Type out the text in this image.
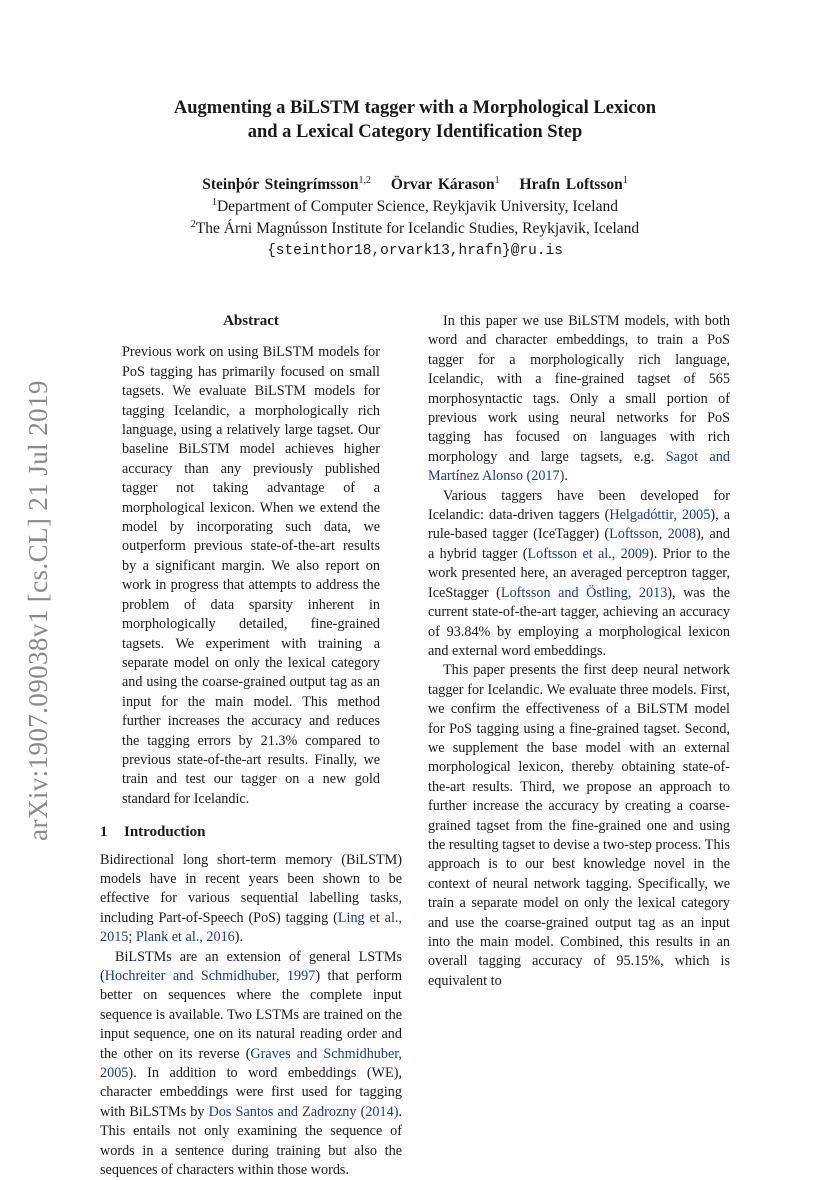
arXiv:1907.09038v1 [cs.CL] 21 Jul 2019
Augmenting a BiLSTM tagger with a Morphological Lexicon
and a Lexical Category Identification Step
Steinþór Steingrímsson$^{1,2}$ Örvar Kárason$^1$ Hrafn Loftsson$^1$
$^1$Department of Computer Science, Reykjavik University, Iceland
$^2$The Árni Magnússon Institute for Icelandic Studies, Reykjavik, Iceland
{steinthor18,orvark13,hrafn}@ru.is
Abstract
Previous work on using BiLSTM models for PoS tagging has primarily focused on small tagsets. We evaluate BiLSTM models for tagging Icelandic, a morphologically rich language, using a relatively large tagset. Our baseline BiLSTM model achieves higher accuracy than any previously published tagger not taking advantage of a morphological lexicon. When we extend the model by incorporating such data, we outperform previous state-of-the-art results by a significant margin. We also report on work in progress that attempts to address the problem of data sparsity inherent in morphologically detailed, fine-grained tagsets. We experiment with training a separate model on only the lexical category and using the coarse-grained output tag as an input for the main model. This method further increases the accuracy and reduces the tagging errors by 21.3% compared to previous state-of-the-art results. Finally, we train and test our tagger on a new gold standard for Icelandic.
1 Introduction

Bidirectional long short-term memory (BiLSTM) models have in recent years been shown to be effective for various sequential labelling tasks, including Part-of-Speech (PoS) tagging (Ling et al., 2015; Plank et al., 2016).

BiLSTMs are an extension of general LSTMs (Hochreiter and Schmidhuber, 1997) that perform better on sequences where the complete input sequence is available. Two LSTMs are trained on the input sequence, one on its natural reading order and the other on its reverse (Graves and Schmidhuber, 2005). In addition to word embeddings (WE), character embeddings were first used for tagging with BiLSTMs by Dos Santos and Zadrozny (2014). This entails not only examining the sequence of words in a sentence during training but also the sequences of characters within those words.

In this paper we use BiLSTM models, with both word and character embeddings, to train a PoS tagger for a morphologically rich language, Icelandic, with a fine-grained tagset of 565 morphosyntactic tags. Only a small portion of previous work using neural networks for PoS tagging has focused on languages with rich morphology and large tagsets, e.g. Sagot and Martínez Alonso (2017).

Various taggers have been developed for Icelandic: data-driven taggers (Helgadóttir, 2005), a rule-based tagger (IceTagger) (Loftsson, 2008), and a hybrid tagger (Loftsson et al., 2009). Prior to the work presented here, an averaged perceptron tagger, IceStagger (Loftsson and Östling, 2013), was the current state-of-the-art tagger, achieving an accuracy of 93.84% by employing a morphological lexicon and external word embeddings.

This paper presents the first deep neural network tagger for Icelandic. We evaluate three models. First, we confirm the effectiveness of a BiLSTM model for PoS tagging using a fine-grained tagset. Second, we supplement the base model with an external morphological lexicon, thereby obtaining state-of-the-art results. Third, we propose an approach to further increase the accuracy by creating a coarse-grained tagset from the fine-grained one and using the resulting tagset to devise a two-step process. This approach is to our best knowledge novel in the context of neural network tagging. Specifically, we train a separate model on only the lexical category and use the coarse-grained output tag as an input into the main model. Combined, this results in an overall tagging accuracy of 95.15%, which is equivalent to
